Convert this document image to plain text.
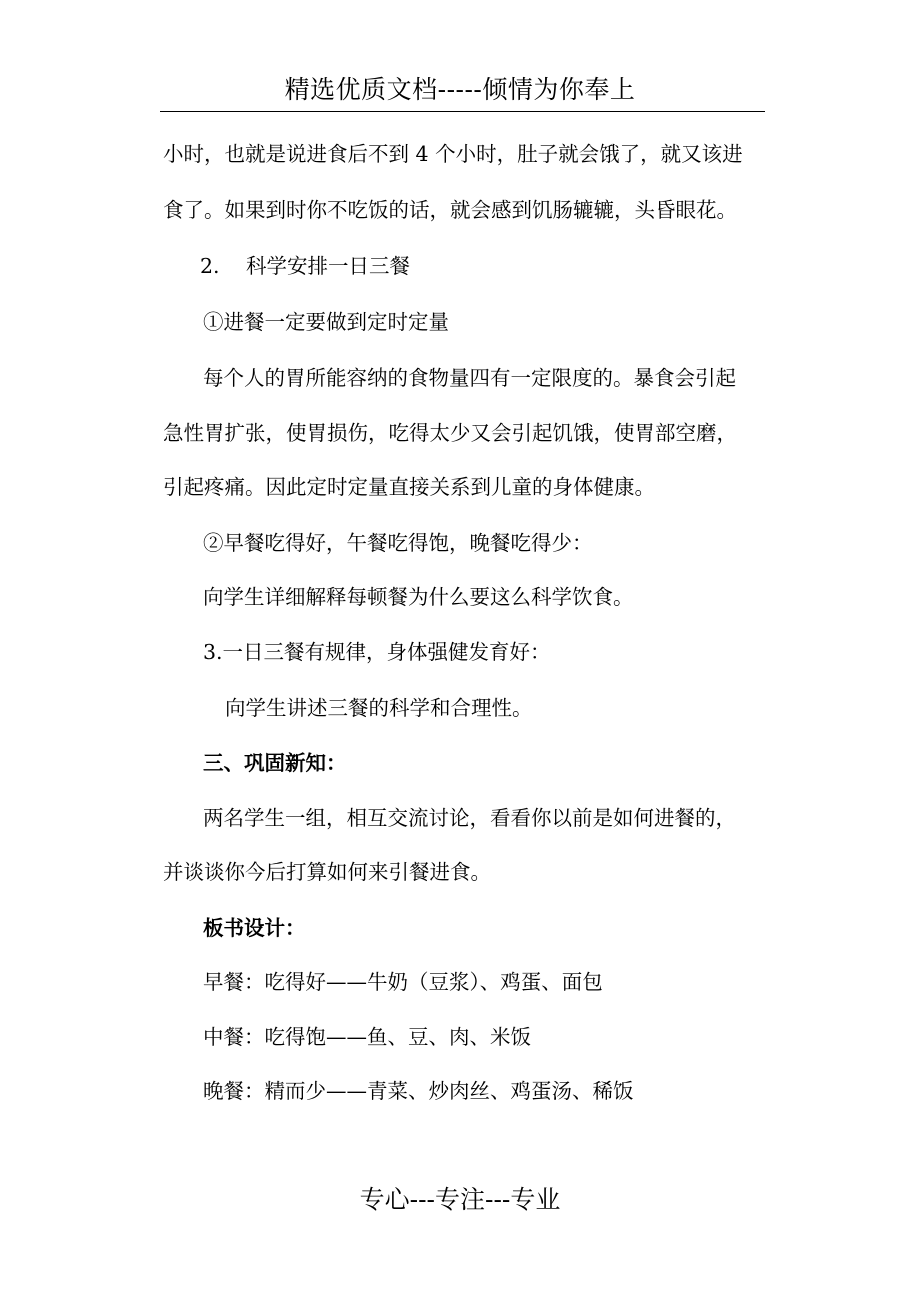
精选优质文档-----倾情为你奉上
小时，也就是说进食后不到 4 个小时，肚子就会饿了，就又该进
食了。如果到时你不吃饭的话，就会感到饥肠辘辘，头昏眼花。
2. 科学安排一日三餐
①进餐一定要做到定时定量
每个人的胃所能容纳的食物量四有一定限度的。暴食会引起
急性胃扩张，使胃损伤，吃得太少又会引起饥饿，使胃部空磨，
引起疼痛。因此定时定量直接关系到儿童的身体健康。
②早餐吃得好，午餐吃得饱，晚餐吃得少：
向学生详细解释每顿餐为什么要这么科学饮食。
3.一日三餐有规律，身体强健发育好：
向学生讲述三餐的科学和合理性。
三、巩固新知：
两名学生一组，相互交流讨论，看看你以前是如何进餐的，
并谈谈你今后打算如何来引餐进食。
板书设计：
早餐：吃得好——牛奶（豆浆）、鸡蛋、面包
中餐：吃得饱——鱼、豆、肉、米饭
晚餐：精而少——青菜、炒肉丝、鸡蛋汤、稀饭
专心---专注---专业
